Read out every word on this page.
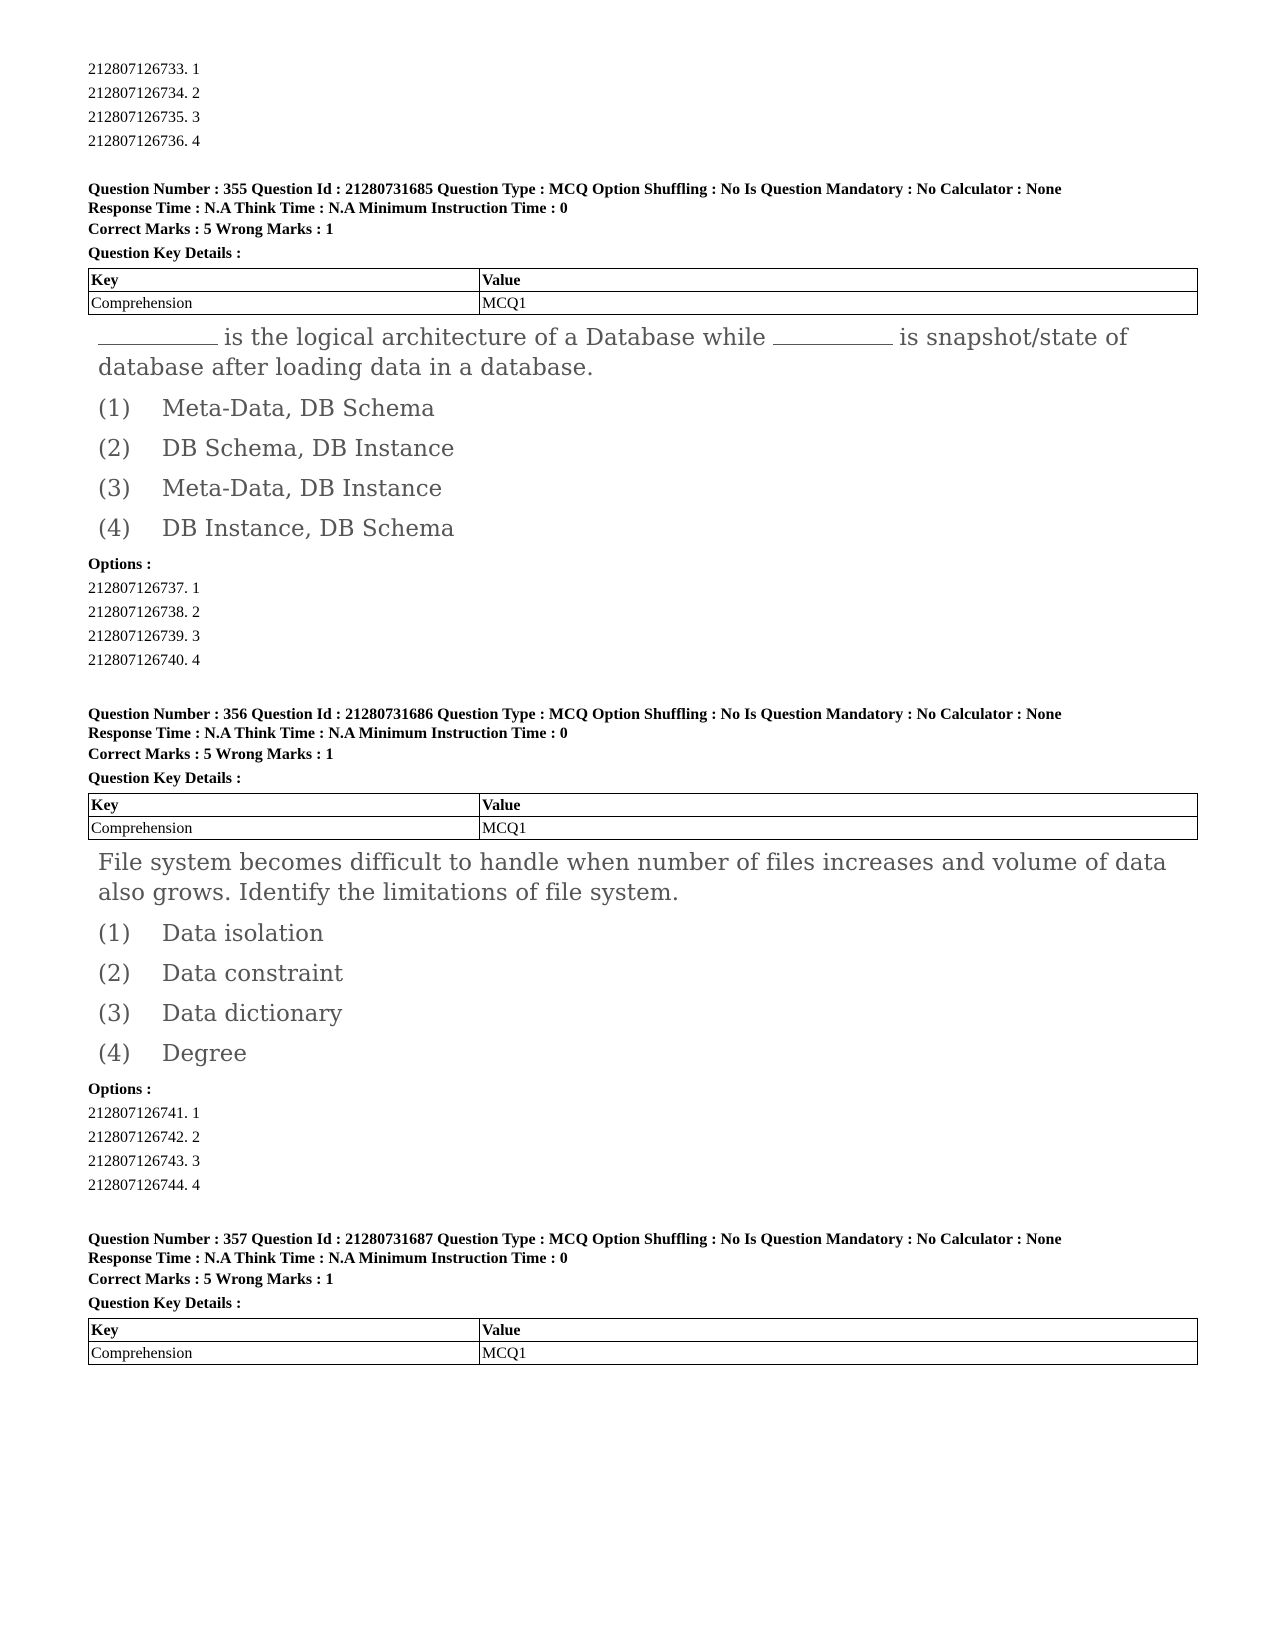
212807126733. 1
212807126734. 2
212807126735. 3
212807126736. 4
Question Number : 355 Question Id : 21280731685 Question Type : MCQ Option Shuffling : No Is Question Mandatory : No Calculator : None
Response Time : N.A Think Time : N.A Minimum Instruction Time : 0
Correct Marks : 5 Wrong Marks : 1
Question Key Details :
Key	Value
Comprehension	MCQ1
is the logical architecture of a Database while	is snapshot/state of database after loading data in a database.
(1) Meta-Data, DB Schema
(2) DB Schema, DB Instance
(3) Meta-Data, DB Instance
(4) DB Instance, DB Schema
Options :
212807126737. 1
212807126738. 2
212807126739. 3
212807126740. 4
Question Number : 356 Question Id : 21280731686 Question Type : MCQ Option Shuffling : No Is Question Mandatory : No Calculator : None
Response Time : N.A Think Time : N.A Minimum Instruction Time : 0
Correct Marks : 5 Wrong Marks : 1
Question Key Details :
Key	Value
Comprehension	MCQ1
File system becomes difficult to handle when number of files increases and volume of data also grows. Identify the limitations of file system.
(1) Data isolation
(2) Data constraint
(3) Data dictionary
(4) Degree
Options :
212807126741. 1
212807126742. 2
212807126743. 3
212807126744. 4
Question Number : 357 Question Id : 21280731687 Question Type : MCQ Option Shuffling : No Is Question Mandatory : No Calculator : None
Response Time : N.A Think Time : N.A Minimum Instruction Time : 0
Correct Marks : 5 Wrong Marks : 1
Question Key Details :
Key	Value
Comprehension	MCQ1
